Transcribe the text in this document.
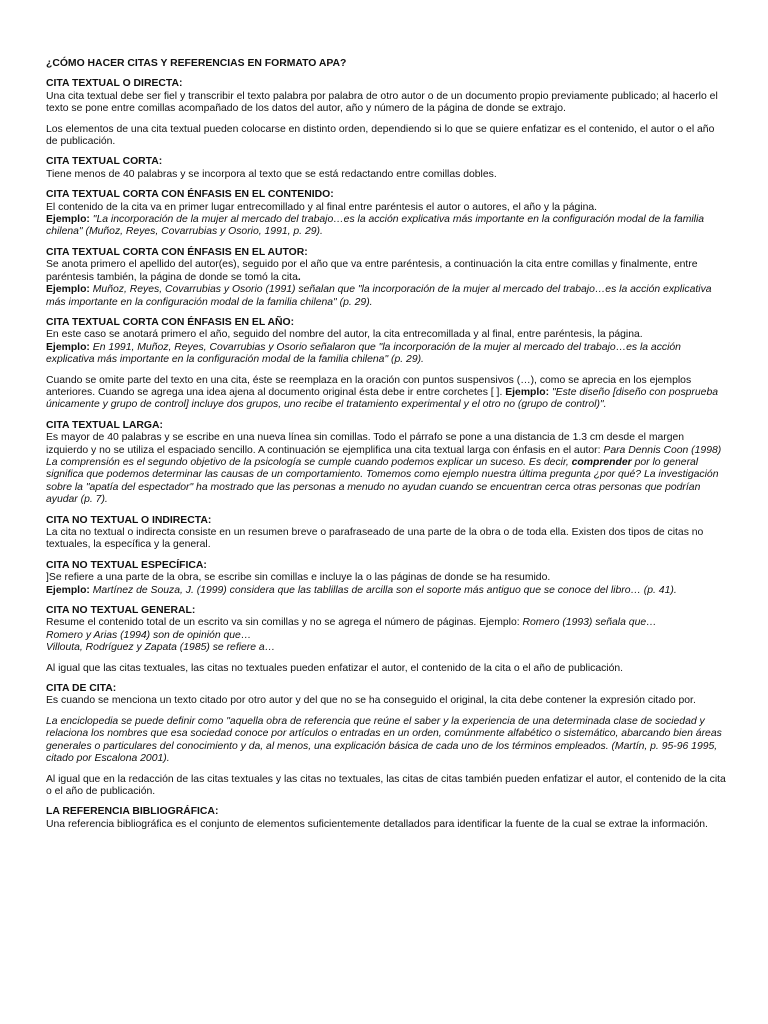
¿CÓMO HACER CITAS Y REFERENCIAS EN FORMATO APA?
CITA TEXTUAL O DIRECTA:
Una cita textual debe ser fiel y transcribir el texto palabra por palabra de otro autor o de un documento propio previamente publicado; al hacerlo el texto se pone entre comillas acompañado de los datos del autor, año y número de la página de donde se extrajo.
Los elementos de una cita textual pueden colocarse en distinto orden, dependiendo si lo que se quiere enfatizar es el contenido, el autor o el año de publicación.
CITA TEXTUAL CORTA:
Tiene menos de 40 palabras y se incorpora al texto que se está redactando entre comillas dobles.
CITA TEXTUAL CORTA CON ÉNFASIS EN EL CONTENIDO:
El contenido de la cita va en primer lugar entrecomillado y al final entre paréntesis el autor o autores, el año y la página.
Ejemplo: "La incorporación de la mujer al mercado del trabajo…es la acción explicativa más importante en la configuración modal de la familia chilena" (Muñoz, Reyes, Covarrubias y Osorio, 1991, p. 29).
CITA TEXTUAL CORTA CON ÉNFASIS EN EL AUTOR:
Se anota primero el apellido del autor(es), seguido por el año que va entre paréntesis, a continuación la cita entre comillas y finalmente, entre paréntesis también, la página de donde se tomó la cita.
Ejemplo: Muñoz, Reyes, Covarrubias y Osorio (1991) señalan que "la incorporación de la mujer al mercado del trabajo…es la acción explicativa más importante en la configuración modal de la familia chilena" (p. 29).
CITA TEXTUAL CORTA CON ÉNFASIS EN EL AÑO:
En este caso se anotará primero el año, seguido del nombre del autor, la cita entrecomillada y al final, entre paréntesis, la página.
Ejemplo: En 1991, Muñoz, Reyes, Covarrubias y Osorio señalaron que "la incorporación de la mujer al mercado del trabajo…es la acción explicativa más importante en la configuración modal de la familia chilena" (p. 29).
Cuando se omite parte del texto en una cita, éste se reemplaza en la oración con puntos suspensivos (…), como se aprecia en los ejemplos anteriores. Cuando se agrega una idea ajena al documento original ésta debe ir entre corchetes [ ]. Ejemplo: "Este diseño [diseño con posprueba únicamente y grupo de control] incluye dos grupos, uno recibe el tratamiento experimental y el otro no (grupo de control)".
CITA TEXTUAL LARGA:
Es mayor de 40 palabras y se escribe en una nueva línea sin comillas. Todo el párrafo se pone a una distancia de 1.3 cm desde el margen izquierdo y no se utiliza el espaciado sencillo. A continuación se ejemplifica una cita textual larga con énfasis en el autor: Para Dennis Coon (1998)
La comprensión es el segundo objetivo de la psicología se cumple cuando podemos explicar un suceso. Es decir, comprender por lo general significa que podemos determinar las causas de un comportamiento. Tomemos como ejemplo nuestra última pregunta ¿por qué? La investigación sobre la "apatía del espectador" ha mostrado que las personas a menudo no ayudan cuando se encuentran cerca otras personas que podrían ayudar (p. 7).
CITA NO TEXTUAL O INDIRECTA:
La cita no textual o indirecta consiste en un resumen breve o parafraseado de una parte de la obra o de toda ella. Existen dos tipos de citas no textuales, la específica y la general.
CITA NO TEXTUAL ESPECÍFICA:
]Se refiere a una parte de la obra, se escribe sin comillas e incluye la o las páginas de donde se ha resumido.
Ejemplo: Martínez de Souza, J. (1999) considera que las tablillas de arcilla son el soporte más antiguo que se conoce del libro… (p. 41).
CITA NO TEXTUAL GENERAL:
Resume el contenido total de un escrito va sin comillas y no se agrega el número de páginas. Ejemplo: Romero (1993) señala que…
Romero y Arias (1994) son de opinión que…
Villouta, Rodríguez y Zapata (1985) se refiere a…
Al igual que las citas textuales, las citas no textuales pueden enfatizar el autor, el contenido de la cita o el año de publicación.
CITA DE CITA:
Es cuando se menciona un texto citado por otro autor y del que no se ha conseguido el original, la cita debe contener la expresión citado por.
La enciclopedia se puede definir como "aquella obra de referencia que reúne el saber y la experiencia de una determinada clase de sociedad y relaciona los nombres que esa sociedad conoce por artículos o entradas en un orden, comúnmente alfabético o sistemático, abarcando bien áreas generales o particulares del conocimiento y da, al menos, una explicación básica de cada uno de los términos empleados. (Martín, p. 95-96 1995, citado por Escalona 2001).
Al igual que en la redacción de las citas textuales y las citas no textuales, las citas de citas también pueden enfatizar el autor, el contenido de la cita o el año de publicación.
LA REFERENCIA BIBLIOGRÁFICA:
Una referencia bibliográfica es el conjunto de elementos suficientemente detallados para identificar la fuente de la cual se extrae la información.
